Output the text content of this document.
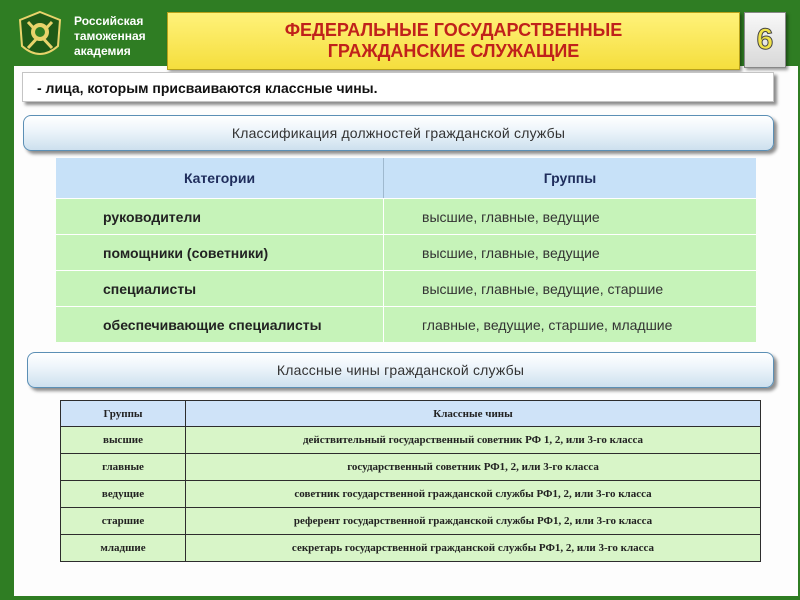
Российская
таможенная
академия
ФЕДЕРАЛЬНЫЕ ГОСУДАРСТВЕННЫЕ
ГРАЖДАНСКИЕ СЛУЖАЩИЕ	6
- лица, которым присваиваются классные чины.
Классификация должностей гражданской службы
Категории	Группы
руководители	высшие, главные, ведущие
помощники (советники)	высшие, главные, ведущие
специалисты	высшие, главные, ведущие, старшие
обеспечивающие специалисты	главные, ведущие, старшие, младшие
Классные чины гражданской службы
Группы	Классные чины
высшие	действительный государственный советник РФ 1, 2, или 3-го класса
главные	государственный советник РФ1, 2, или 3-го класса
ведущие	советник государственной гражданской службы РФ1, 2, или 3-го класса
старшие	референт государственной гражданской службы РФ1, 2, или 3-го класса
младшие	секретарь государственной гражданской службы РФ1, 2, или 3-го класса
